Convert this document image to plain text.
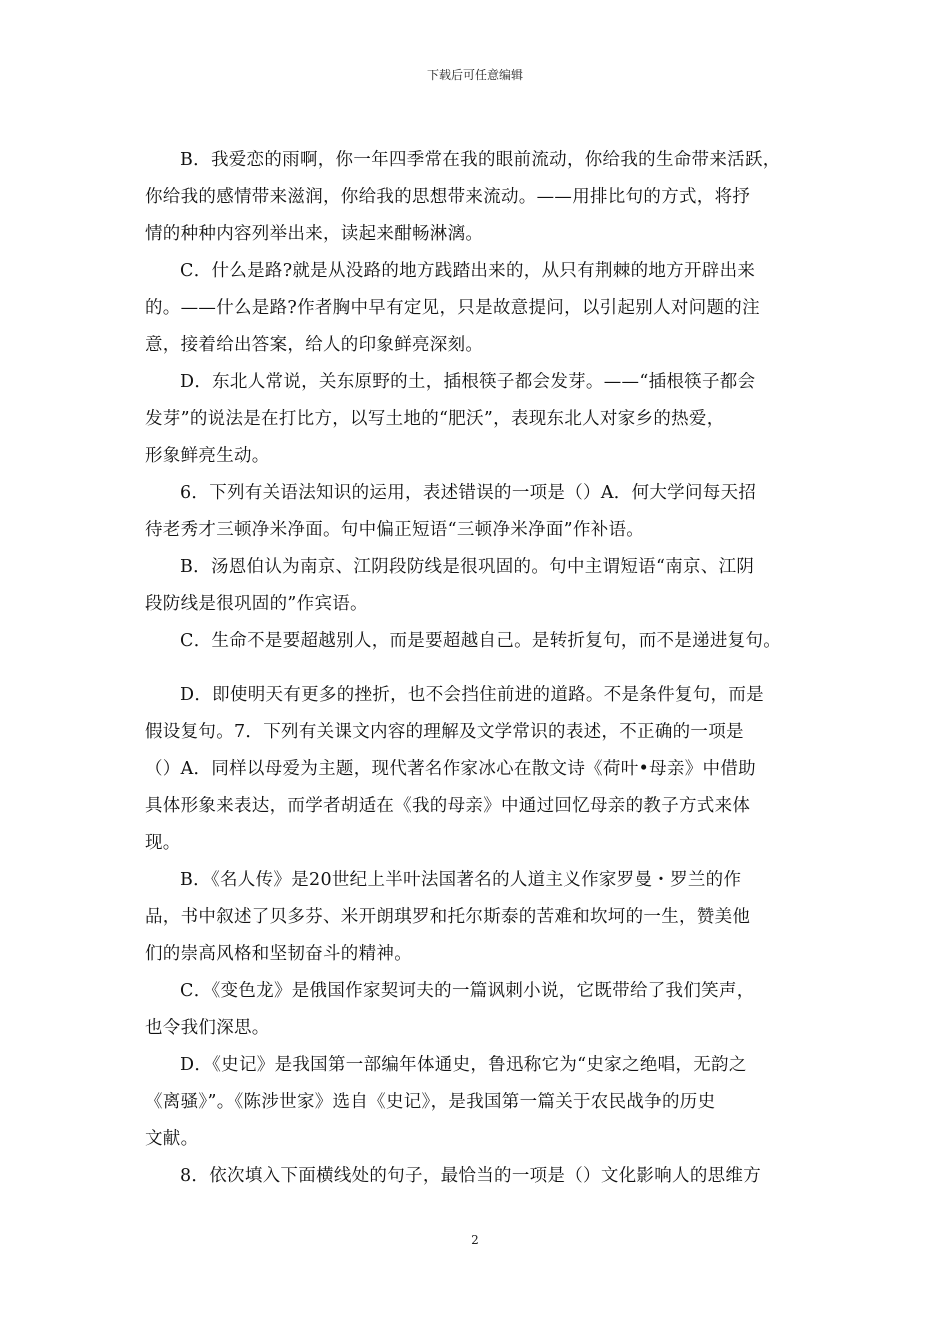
下载后可任意编辑
B．我爱恋的雨啊，你一年四季常在我的眼前流动，你给我的生命带来活跃，
你给我的感情带来滋润，你给我的思想带来流动。——用排比句的方式，将抒
情的种种内容列举出来，读起来酣畅淋漓。
C．什么是路?就是从没路的地方践踏出来的，从只有荆棘的地方开辟出来
的。——什么是路?作者胸中早有定见，只是故意提问，以引起别人对问题的注
意，接着给出答案，给人的印象鲜亮深刻。
D．东北人常说，关东原野的土，插根筷子都会发芽。——“插根筷子都会
发芽”的说法是在打比方，以写土地的“肥沃”，表现东北人对家乡的热爱，
形象鲜亮生动。
6．下列有关语法知识的运用，表述错误的一项是（）A．何大学问每天招
待老秀才三顿净米净面。句中偏正短语“三顿净米净面”作补语。
B．汤恩伯认为南京、江阴段防线是很巩固的。句中主谓短语“南京、江阴
段防线是很巩固的”作宾语。
C．生命不是要超越别人，而是要超越自己。是转折复句，而不是递进复句。
D．即使明天有更多的挫折，也不会挡住前进的道路。不是条件复句，而是
假设复句。7．下列有关课文内容的理解及文学常识的表述，不正确的一项是
（）A．同样以母爱为主题，现代著名作家冰心在散文诗《荷叶•母亲》中借助
具体形象来表达，而学者胡适在《我的母亲》中通过回忆母亲的教子方式来体
现。
B．《名人传》是20世纪上半叶法国著名的人道主义作家罗曼・罗兰的作
品，书中叙述了贝多芬、米开朗琪罗和托尔斯泰的苦难和坎坷的一生，赞美他
们的崇高风格和坚韧奋斗的精神。
C．《变色龙》是俄国作家契诃夫的一篇讽刺小说，它既带给了我们笑声，
也令我们深思。
D．《史记》是我国第一部编年体通史，鲁迅称它为“史家之绝唱，无韵之
《离骚》”。《陈涉世家》选自《史记》，是我国第一篇关于农民战争的历史
文献。
8．依次填入下面横线处的句子，最恰当的一项是（）文化影响人的思维方
2
